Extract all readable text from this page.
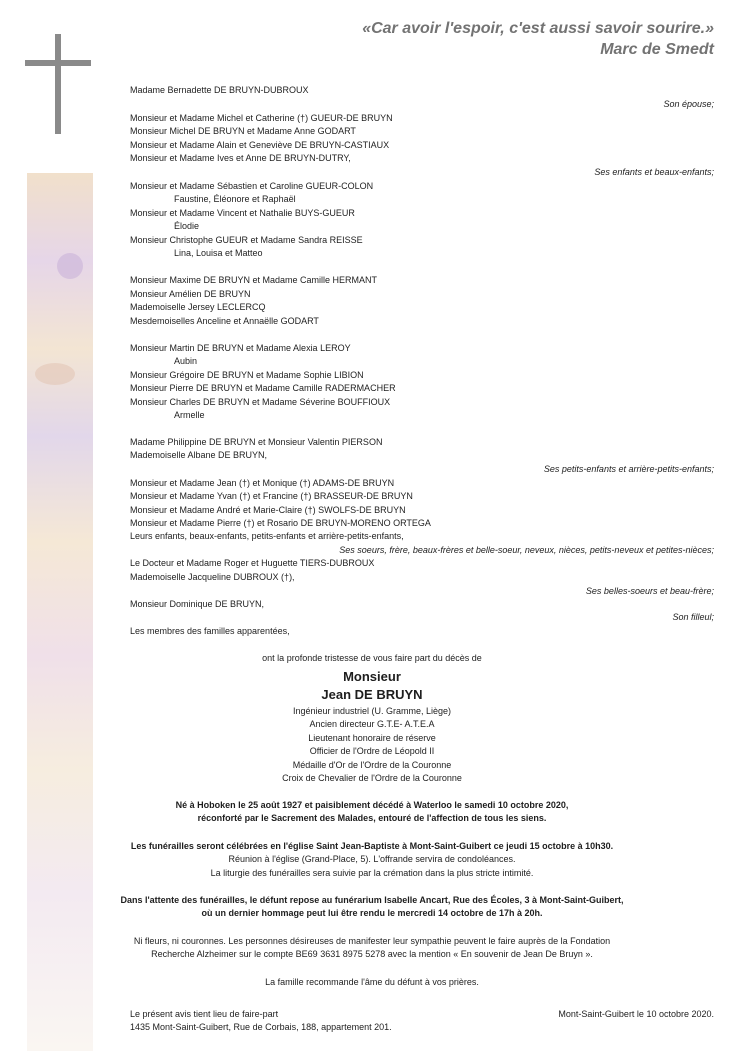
«Car avoir l'espoir, c'est aussi savoir sourire.»
Marc de Smedt
Madame Bernadette DE BRUYN-DUBROUX
Son épouse;
Monsieur et Madame Michel et Catherine (†) GUEUR-DE BRUYN
Monsieur Michel DE BRUYN et Madame Anne GODART
Monsieur et Madame Alain et Geneviève DE BRUYN-CASTIAUX
Monsieur et Madame Ives et Anne DE BRUYN-DUTRY,
Ses enfants et beaux-enfants;
Monsieur et Madame Sébastien et Caroline GUEUR-COLON
Faustine, Éléonore et Raphaël
Monsieur et Madame Vincent et Nathalie BUYS-GUEUR
Élodie
Monsieur Christophe GUEUR et Madame Sandra REISSE
Lina, Louisa et Matteo
Monsieur Maxime DE BRUYN et Madame Camille HERMANT
Monsieur Amélien DE BRUYN
Mademoiselle Jersey LECLERCQ
Mesdemoiselles Anceline et Annaëlle GODART
Monsieur Martin DE BRUYN et Madame Alexia LEROY
Aubin
Monsieur Grégoire DE BRUYN et Madame Sophie LIBION
Monsieur Pierre DE BRUYN et Madame Camille RADERMACHER
Monsieur Charles DE BRUYN et Madame Séverine BOUFFIOUX
Armelle
Madame Philippine DE BRUYN et Monsieur Valentin PIERSON
Mademoiselle Albane DE BRUYN,
Ses petits-enfants et arrière-petits-enfants;
Monsieur et Madame Jean (†) et Monique (†) ADAMS-DE BRUYN
Monsieur et Madame Yvan (†) et Francine (†) BRASSEUR-DE BRUYN
Monsieur et Madame André et Marie-Claire (†) SWOLFS-DE BRUYN
Monsieur et Madame Pierre (†) et Rosario DE BRUYN-MORENO ORTEGA
Leurs enfants, beaux-enfants, petits-enfants et arrière-petits-enfants,
Ses soeurs, frère, beaux-frères et belle-soeur, neveux, nièces, petits-neveux et petites-nièces;
Le Docteur et Madame Roger et Huguette TIERS-DUBROUX
Mademoiselle Jacqueline DUBROUX (†),
Ses belles-soeurs et beau-frère;
Monsieur Dominique DE BRUYN,
Son filleul;
Les membres des familles apparentées,
ont la profonde tristesse de vous faire part du décès de
Monsieur
Jean DE BRUYN
Ingénieur industriel (U. Gramme, Liège)
Ancien directeur G.T.E- A.T.E.A
Lieutenant honoraire de réserve
Officier de l'Ordre de Léopold II
Médaille d'Or de l'Ordre de la Couronne
Croix de Chevalier de l'Ordre de la Couronne
Né à Hoboken le 25 août 1927 et paisiblement décédé à Waterloo le samedi 10 octobre 2020,
réconforté par le Sacrement des Malades, entouré de l'affection de tous les siens.
Les funérailles seront célébrées en l'église Saint Jean-Baptiste à Mont-Saint-Guibert ce jeudi 15 octobre à 10h30.
Réunion à l'église (Grand-Place, 5). L'offrande servira de condoléances.
La liturgie des funérailles sera suivie par la crémation dans la plus stricte intimité.
Dans l'attente des funérailles, le défunt repose au funérarium Isabelle Ancart, Rue des Écoles, 3 à Mont-Saint-Guibert,
où un dernier hommage peut lui être rendu le mercredi 14 octobre de 17h à 20h.
Ni fleurs, ni couronnes. Les personnes désireuses de manifester leur sympathie peuvent le faire auprès de la Fondation
Recherche Alzheimer sur le compte BE69 3631 8975 5278 avec la mention « En souvenir de Jean De Bruyn ».
La famille recommande l'âme du défunt à vos prières.
Le présent avis tient lieu de faire-part
1435 Mont-Saint-Guibert, Rue de Corbais, 188, appartement 201.
Mont-Saint-Guibert le 10 octobre 2020.
